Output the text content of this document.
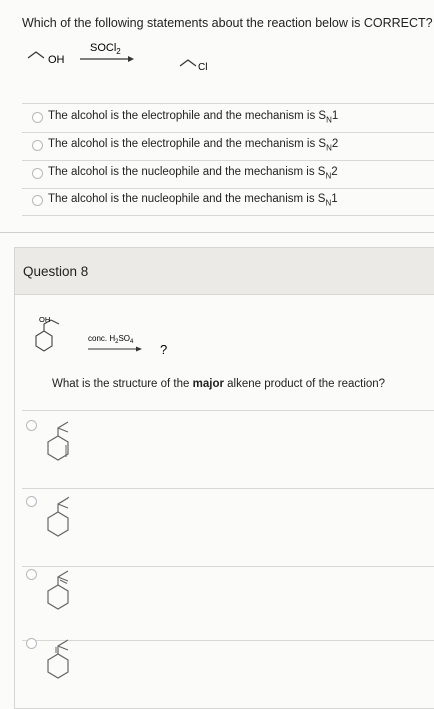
Which of the following statements about the reaction below is CORRECT?
OH
SOCl$_2$
Cl
The alcohol is the electrophile and the mechanism is $S_N1$
The alcohol is the electrophile and the mechanism is $S_N2$
The alcohol is the nucleophile and the mechanism is $S_N2$
The alcohol is the nucleophile and the mechanism is $S_N1$
Question 8
OH
conc. $H_2SO_4$ ?
What is the structure of the major alkene product of the reaction?
